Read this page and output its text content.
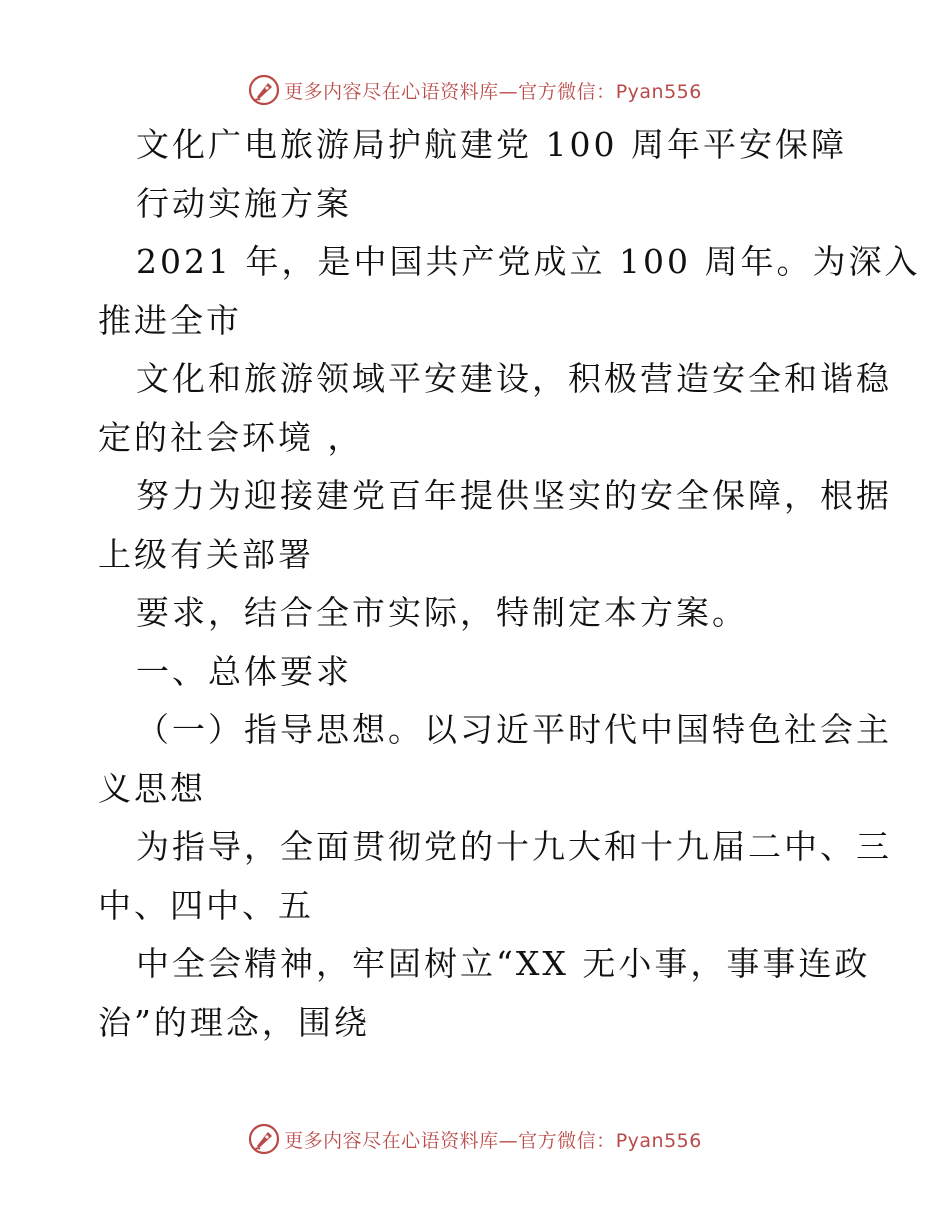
更多内容尽在心语资料库—官方微信：Pyan556
文化广电旅游局护航建党 100 周年平安保障
行动实施方案
2021 年，是中国共产党成立 100 周年。为深入
推进全市
文化和旅游领域平安建设，积极营造安全和谐稳
定的社会环境 ，
努力为迎接建党百年提供坚实的安全保障，根据
上级有关部署
要求，结合全市实际，特制定本方案。
一、总体要求
（一）指导思想。以习近平时代中国特色社会主
义思想
为指导，全面贯彻党的十九大和十九届二中、三
中、四中、五
中全会精神，牢固树立“XX 无小事，事事连政
治”的理念，围绕
更多内容尽在心语资料库—官方微信：Pyan556
